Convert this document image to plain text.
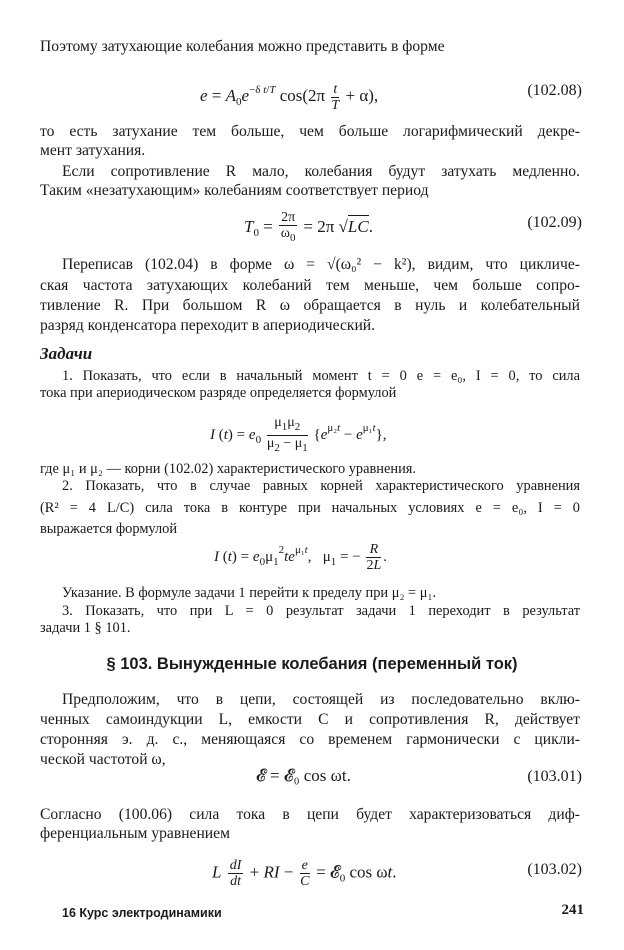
Поэтому затухающие колебания можно представить в форме
$e = A_0e^{-\delta t/T}$ $\cos(2\pi \frac{t}{T} + \alpha)$,	(102.08)
то есть затухание тем больше, чем больше логарифмический декре-
мент затухания.
Если сопротивление R мало, колебания будут затухать медленно.
Таким «незатухающим» колебаниям соответствует период
$T_0 = \frac{2\pi}{\omega_0} = 2\pi$ √LC.	(102.09)
Переписав (102.04) в форме ω = √(ω₀² − k²), видим, что цикличе-
ская частота затухающих колебаний тем меньше, чем больше сопро-
тивление R. При большом R ω обращается в нуль и колебательный
разряд конденсатора переходит в апериодический.
Задачи
1. Показать, что если в начальный момент t = 0 e = e₀, I = 0, то сила
тока при апериодическом разряде определяется формулой
I $(t) = e_0 \frac{\mu_1\mu_2}{\mu_2 - \mu_1} \{e^{\mu_2t} - e^{\mu_1t}\}$,
где μ₁ и μ₂ — корни (102.02) характеристического уравнения.
2. Показать, что в случае равных корней характеристического уравнения
(R² = 4 L/C) сила тока в контуре при начальных условиях e = e₀, I = 0
выражается формулой
I $(t) = e_0\mu_1^2te^{\mu_1t}$,   $\mu_1$ = − $\frac{R}{2L}$ .
Указание. В формуле задачи 1 перейти к пределу при μ₂ = μ₁.
3. Показать, что при L = 0 результат задачи 1 переходит в результат
задачи 1 § 101.
§ 103. Вынужденные колебания (переменный ток)
Предположим, что в цепи, состоящей из последовательно вклю-
ченных самоиндукции L, емкости C и сопротивления R, действует
сторонняя э. д. с., меняющаяся со временем гармонически с цикли-
ческой частотой ω,
𝓔 = 𝓔₀ cos ωt.	(103.01)
Согласно (100.06) сила тока в цепи будет характеризоваться диф-
ференциальным уравнением
L $\frac{dI}{dt}$ + RI − $\frac{e}{C}$ = 𝓔$_0$ cos ωt.	(103.02)
16 Курс электродинамики	241
